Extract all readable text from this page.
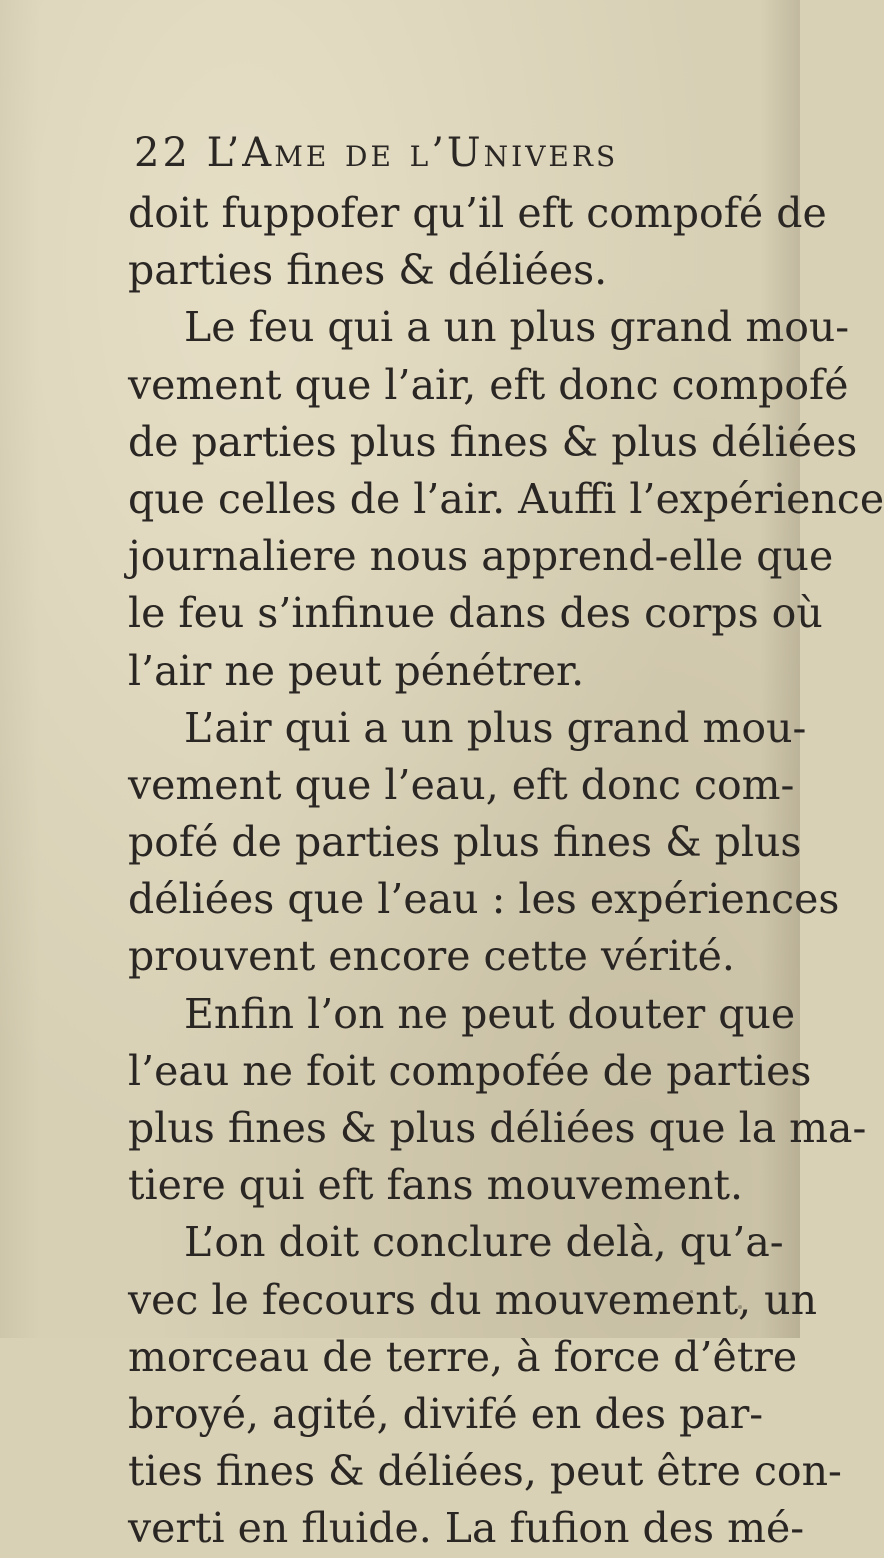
22 L’Ame de l’Univers
doit fuppofer qu’il eft compofé de
parties fines & déliées.
Le feu qui a un plus grand mou-
vement que l’air, eft donc compofé
de parties plus fines & plus déliées
que celles de l’air. Auffi l’expérience
journaliere nous apprend-elle que
le feu s’infinue dans des corps où
l’air ne peut pénétrer.
L’air qui a un plus grand mou-
vement que l’eau, eft donc com-
pofé de parties plus fines & plus
déliées que l’eau : les expériences
prouvent encore cette vérité.
Enfin l’on ne peut douter que
l’eau ne foit compofée de parties
plus fines & plus déliées que la ma-
tiere qui eft fans mouvement.
L’on doit conclure delà, qu’a-
vec le fecours du mouvement, un
morceau de terre, à force d’être
broyé, agité, divifé en des par-
ties fines & déliées, peut être con-
verti en fluide. La fufion des mé-
